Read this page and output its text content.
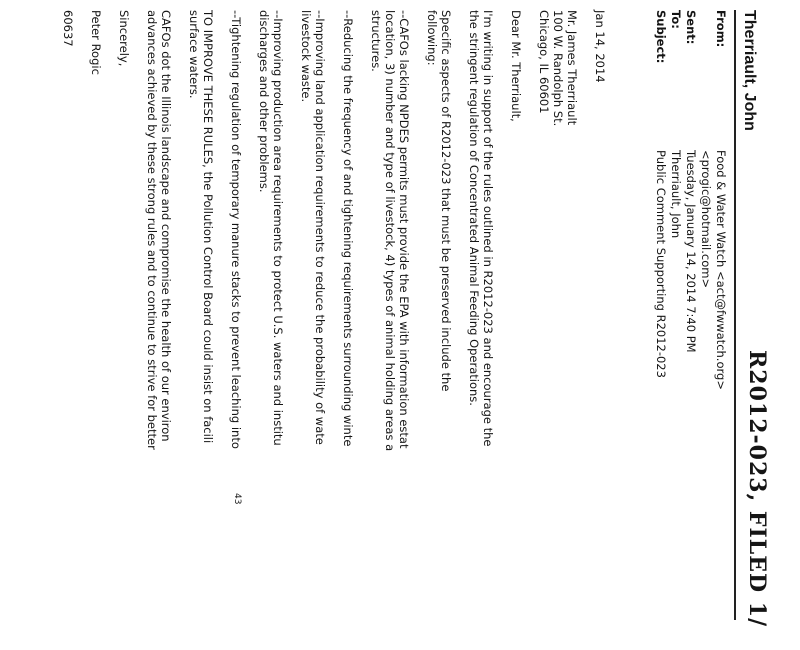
R2012-023, FILED 1/
Therriault, John
From:
Food & Water Watch <act@fwwatch.org>
<progic@hotmail.com>
Sent:
Tuesday, January 14, 2014 7:40 PM
To:
Therriault, John
Subject:
Public Comment Supporting R2012-023

Jan 14, 2014

Mr. James Therriault
100 W. Randolph St.
Chicago, IL 60601

Dear Mr. Therriault,

I'm writing in support of the rules outlined in R2012-023 and encourage the
the stringent regulation of Concentrated Animal Feeding Operations.

Specific aspects of R2012-023 that must be preserved include the
following:

--CAFOs lacking NPDES permits must provide the EPA with information estat
location, 3) number and type of livestock, 4) types of animal holding areas a
structures.

--Reducing the frequency of and tightening requirements surrounding winte

--Improving land application requirements to reduce the probability of wate
livestock waste.

--Improving production area requirements to protect U.S. waters and institu
discharges and other problems.

--Tightening regulation of temporary manure stacks to prevent leaching into

TO IMPROVE THESE RULES, the Pollution Control Board could insist on facili
surface waters.

CAFOs dot the Illinois landscape and compromise the health of our environ
advances achieved by these strong rules and to continue to strive for better

Sincerely,

Peter Rogic

60637

43
